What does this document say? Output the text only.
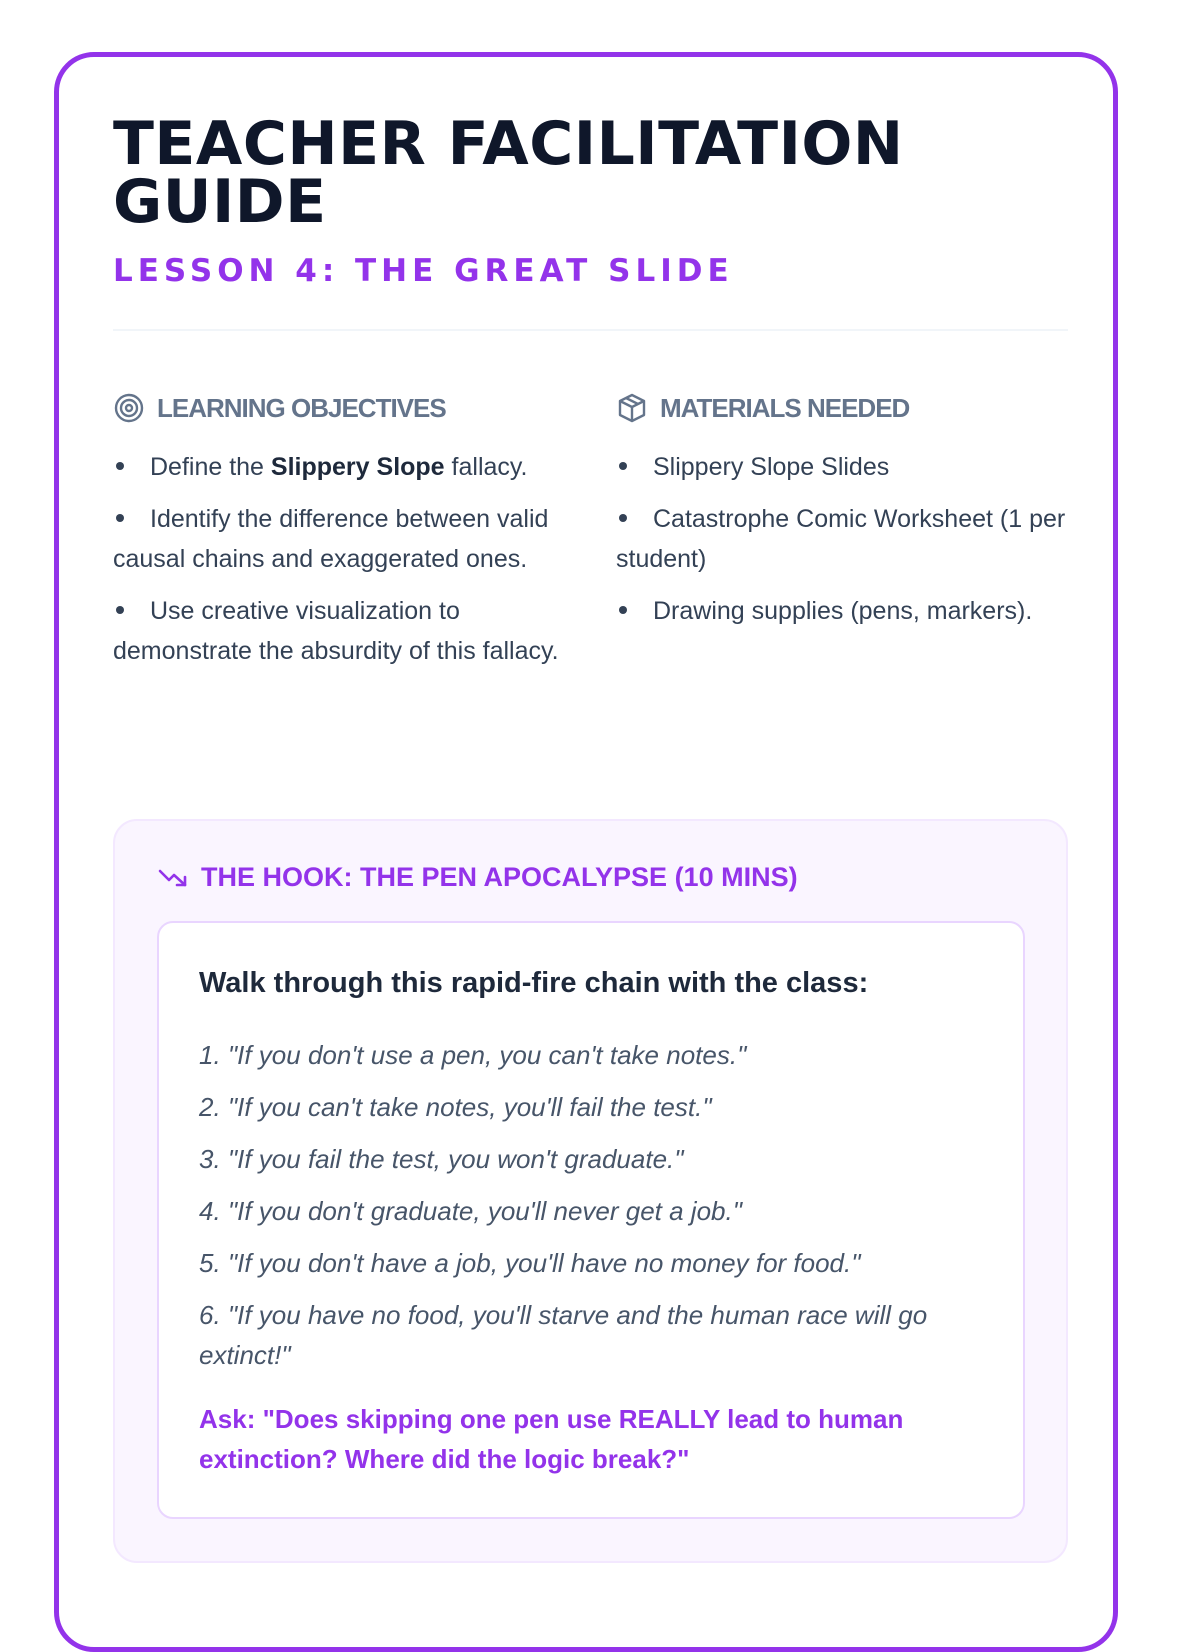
TEACHER FACILITATION GUIDE
LESSON 4: THE GREAT SLIDE
LEARNING OBJECTIVES
Define the Slippery Slope fallacy.
Identify the difference between valid causal chains and exaggerated ones.
Use creative visualization to demonstrate the absurdity of this fallacy.
MATERIALS NEEDED
Slippery Slope Slides
Catastrophe Comic Worksheet (1 per student)
Drawing supplies (pens, markers).
THE HOOK: THE PEN APOCALYPSE (10 MINS)
Walk through this rapid-fire chain with the class:
1. "If you don't use a pen, you can't take notes."
2. "If you can't take notes, you'll fail the test."
3. "If you fail the test, you won't graduate."
4. "If you don't graduate, you'll never get a job."
5. "If you don't have a job, you'll have no money for food."
6. "If you have no food, you'll starve and the human race will go extinct!"
Ask: "Does skipping one pen use REALLY lead to human extinction? Where did the logic break?"
